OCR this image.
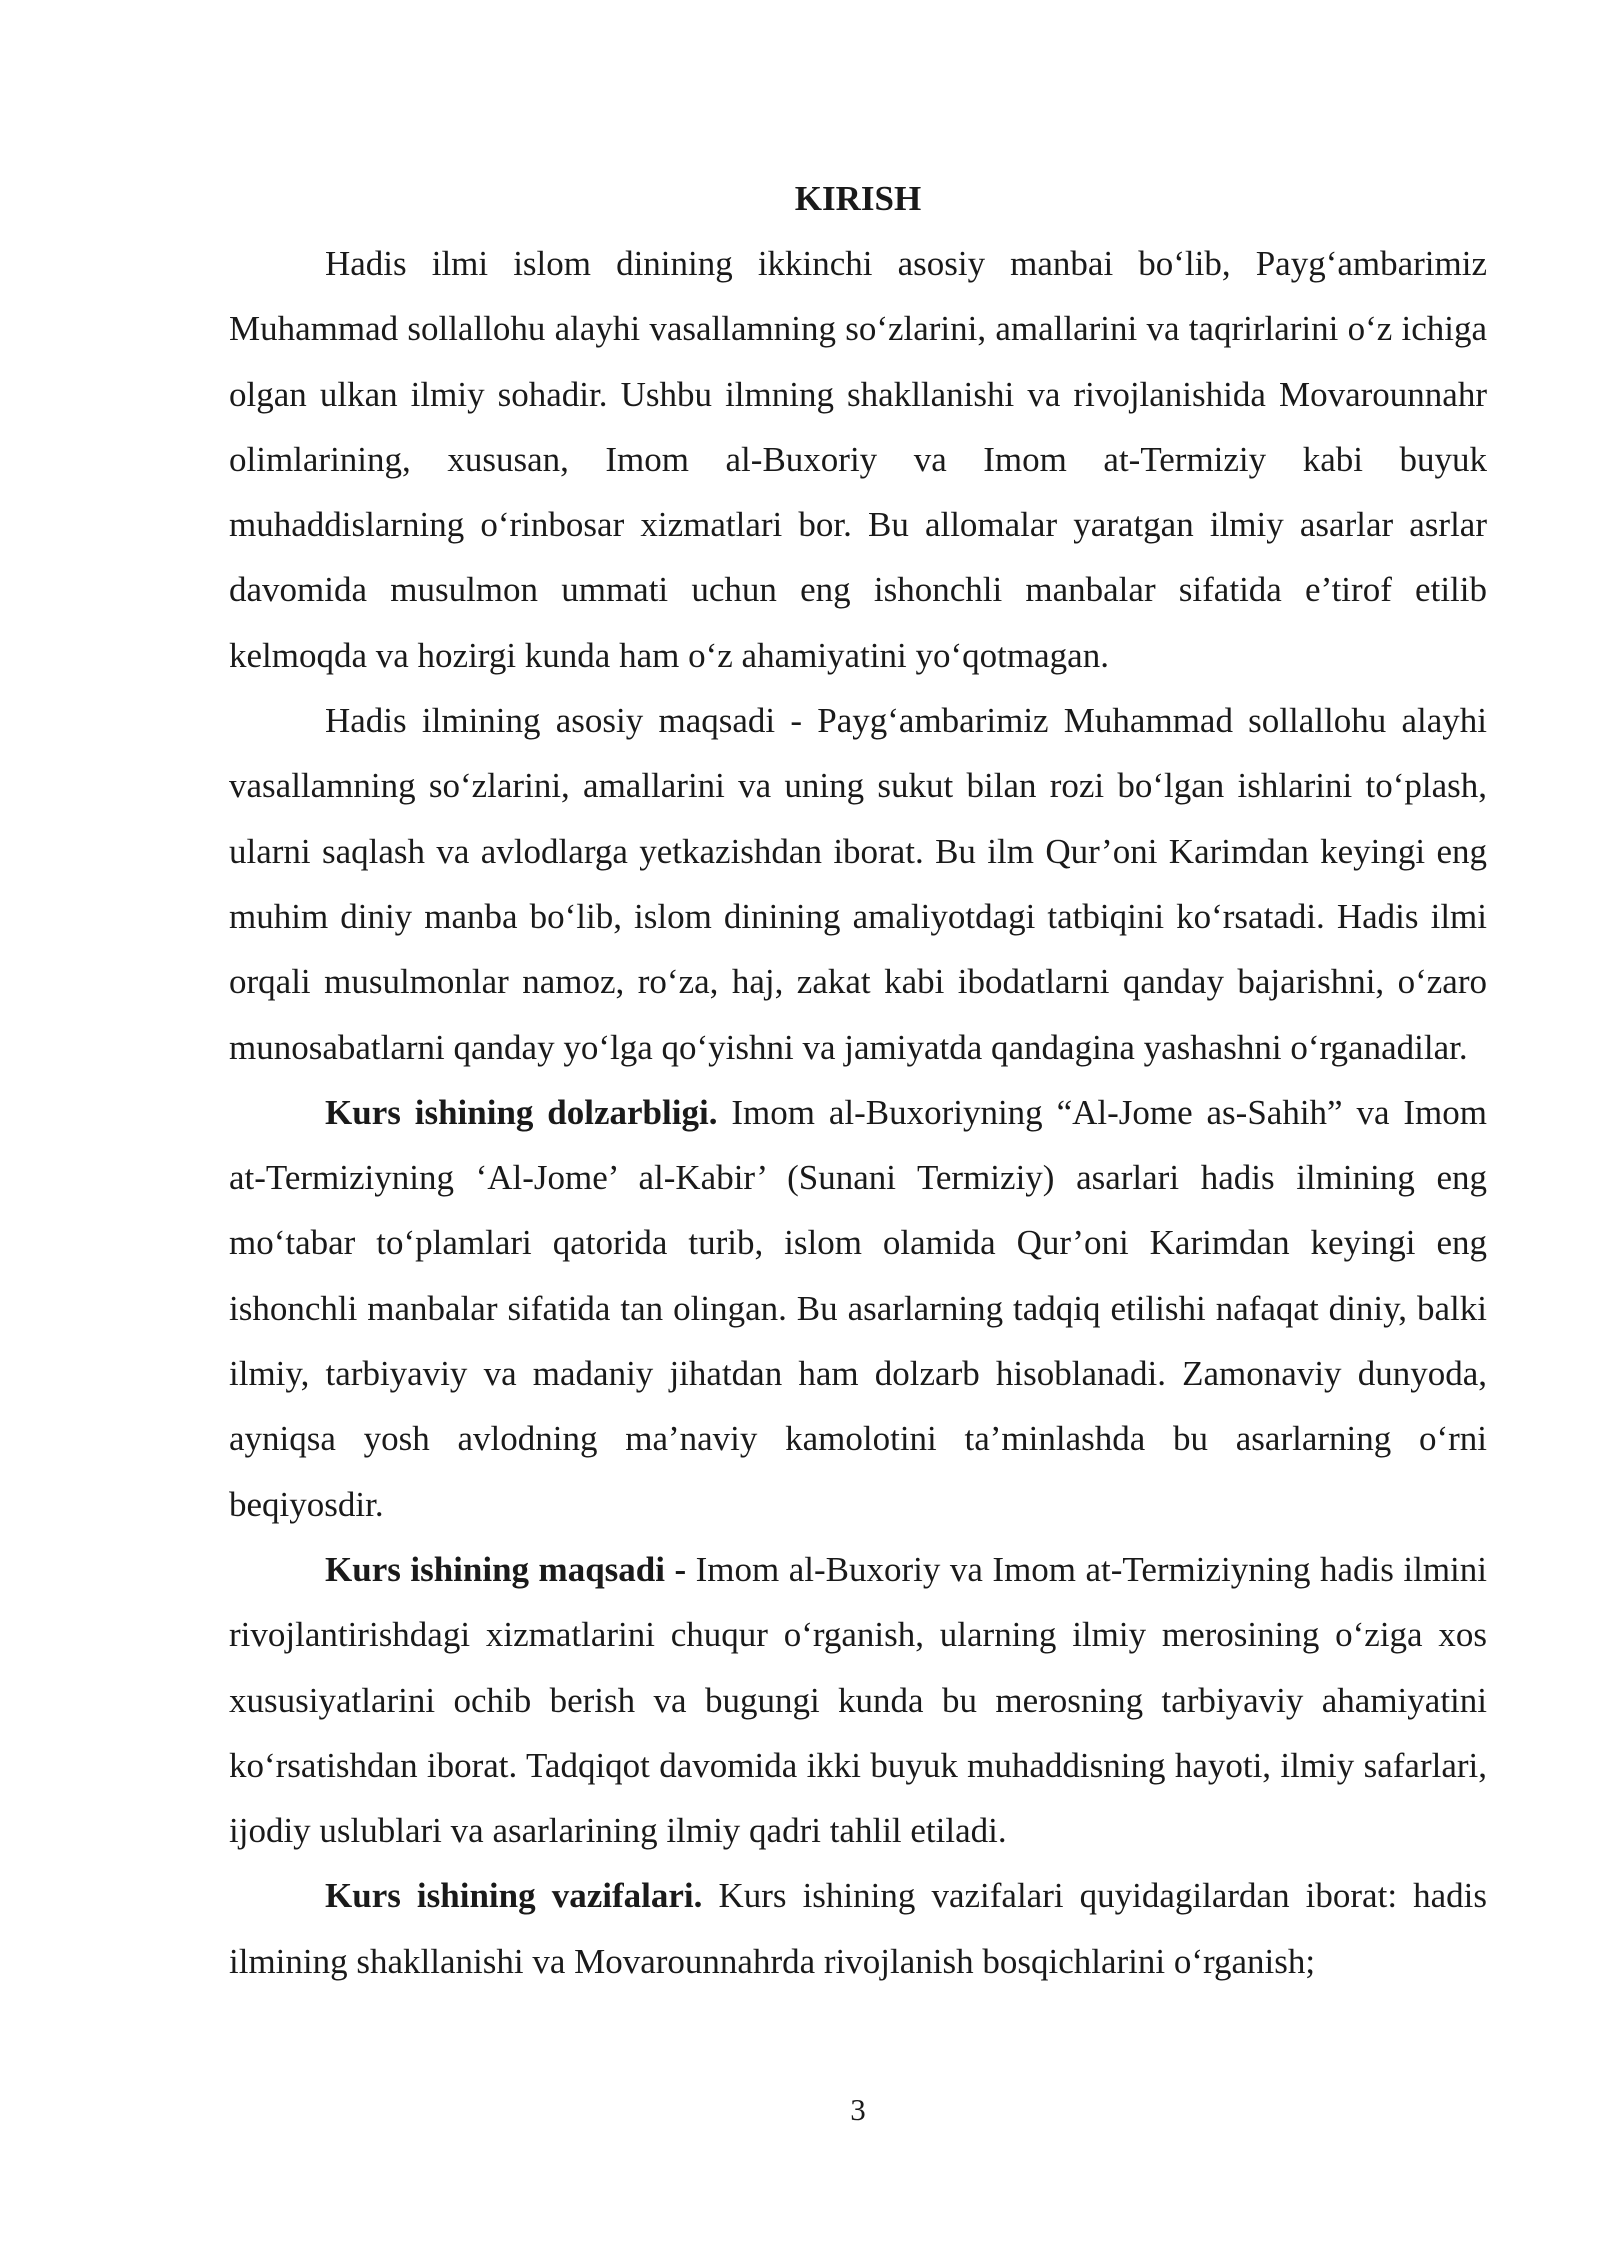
KIRISH

Hadis ilmi islom dinining ikkinchi asosiy manbai bo‘lib, Payg‘ambarimiz Muhammad sollallohu alayhi vasallamning so‘zlarini, amallarini va taqrirlarini o‘z ichiga olgan ulkan ilmiy sohadir. Ushbu ilmning shakllanishi va rivojlanishida Movarounnahr olimlarining, xususan, Imom al-Buxoriy va Imom at-Termiziy kabi buyuk muhaddislarning o‘rinbosar xizmatlari bor. Bu allomalar yaratgan ilmiy asarlar asrlar davomida musulmon ummati uchun eng ishonchli manbalar sifatida e’tirof etilib kelmoqda va hozirgi kunda ham o‘z ahamiyatini yo‘qotmagan.

Hadis ilmining asosiy maqsadi - Payg‘ambarimiz Muhammad sollallohu alayhi vasallamning so‘zlarini, amallarini va uning sukut bilan rozi bo‘lgan ishlarini to‘plash, ularni saqlash va avlodlarga yetkazishdan iborat. Bu ilm Qur’oni Karimdan keyingi eng muhim diniy manba bo‘lib, islom dinining amaliyotdagi tatbiqini ko‘rsatadi. Hadis ilmi orqali musulmonlar namoz, ro‘za, haj, zakat kabi ibodatlarni qanday bajarishni, o‘zaro munosabatlarni qanday yo‘lga qo‘yishni va jamiyatda qandagina yashashni o‘rganadilar.

Kurs ishining dolzarbligi. Imom al-Buxoriyning “Al-Jome as-Sahih” va Imom at-Termiziyning ‘Al-Jome’ al-Kabir’ (Sunani Termiziy) asarlari hadis ilmining eng mo‘tabar to‘plamlari qatorida turib, islom olamida Qur’oni Karimdan keyingi eng ishonchli manbalar sifatida tan olingan. Bu asarlarning tadqiq etilishi nafaqat diniy, balki ilmiy, tarbiyaviy va madaniy jihatdan ham dolzarb hisoblanadi. Zamonaviy dunyoda, ayniqsa yosh avlodning ma’naviy kamolotini ta’minlashda bu asarlarning o‘rni beqiyosdir.

Kurs ishining maqsadi - Imom al-Buxoriy va Imom at-Termiziyning hadis ilmini rivojlantirishdagi xizmatlarini chuqur o‘rganish, ularning ilmiy merosining o‘ziga xos xususiyatlarini ochib berish va bugungi kunda bu merosning tarbiyaviy ahamiyatini ko‘rsatishdan iborat. Tadqiqot davomida ikki buyuk muhaddisning hayoti, ilmiy safarlari, ijodiy uslublari va asarlarining ilmiy qadri tahlil etiladi.

Kurs ishining vazifalari. Kurs ishining vazifalari quyidagilardan iborat: hadis ilmining shakllanishi va Movarounnahrda rivojlanish bosqichlarini o‘rganish;

3
